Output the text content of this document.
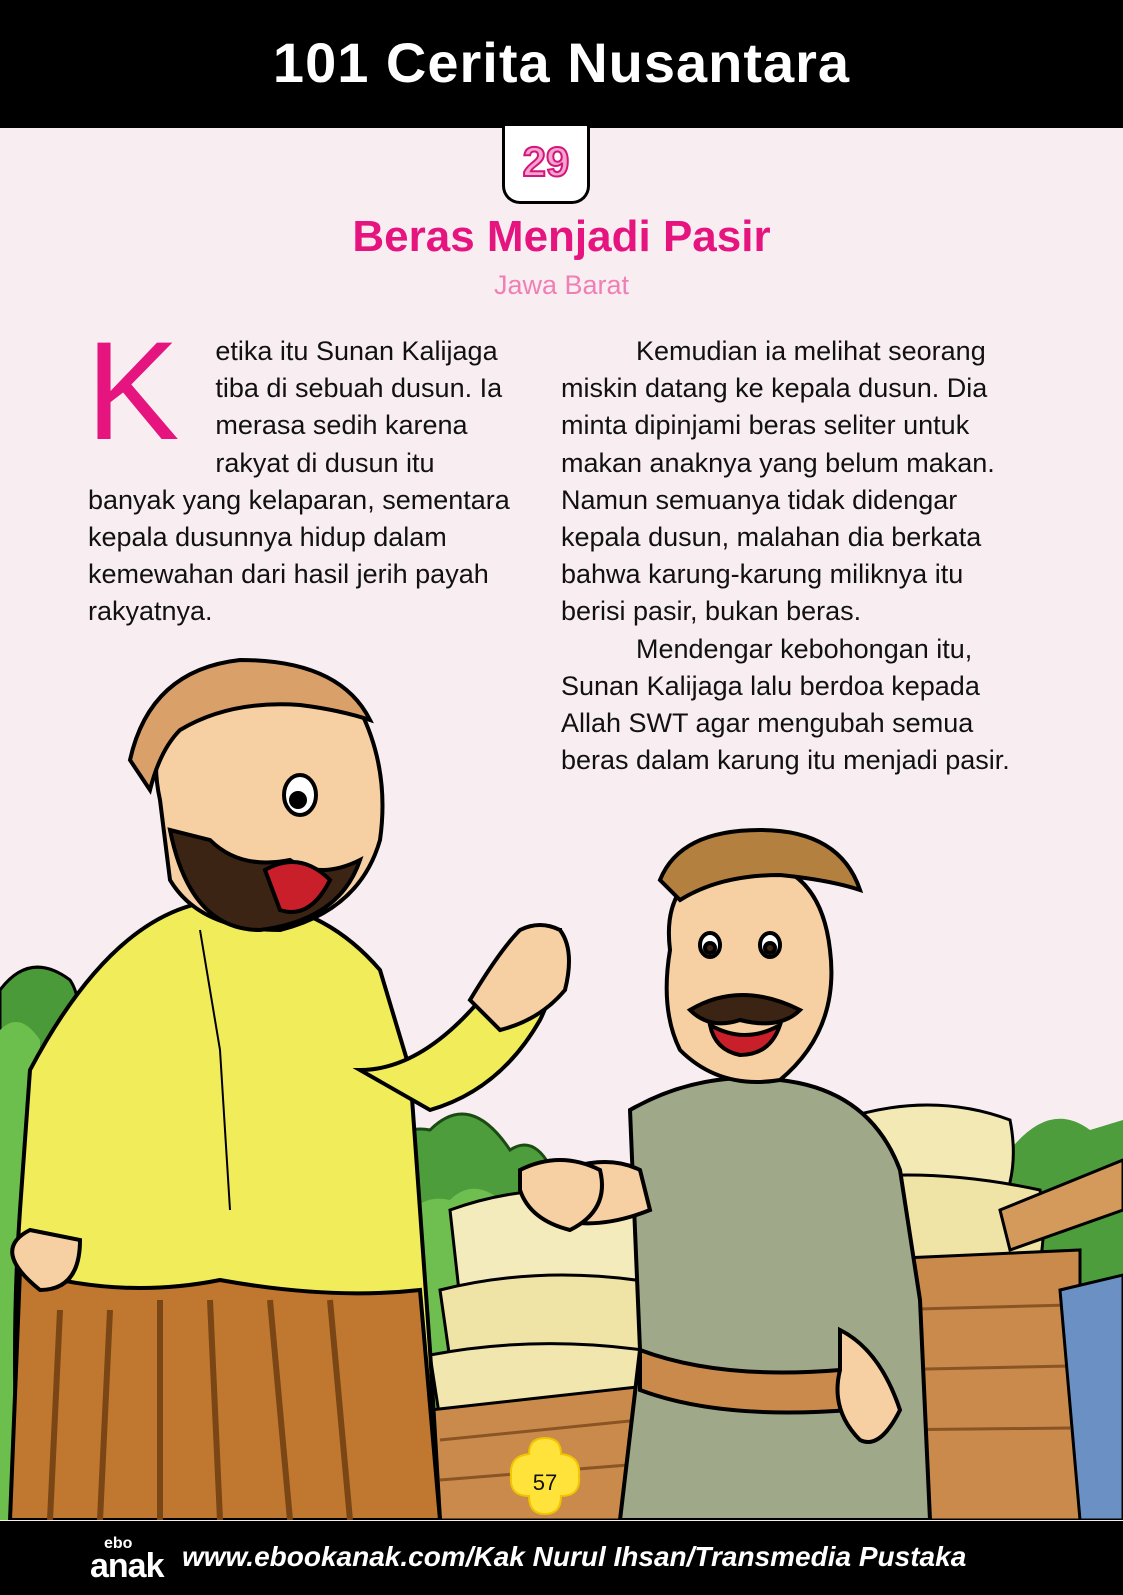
101 Cerita Nusantara
29
Beras Menjadi Pasir
Jawa Barat
K	etika itu Sunan Kalijaga tiba di sebuah dusun. Ia merasa sedih karena rakyat di dusun itu banyak yang kelaparan, sementara kepala dusunnya hidup dalam kemewahan dari hasil jerih payah rakyatnya.

Kemudian ia melihat seorang miskin datang ke kepala dusun. Dia minta dipinjami beras seliter untuk makan anaknya yang belum makan. Namun semuanya tidak didengar kepala dusun, malahan dia berkata bahwa karung-karung miliknya itu berisi pasir, bukan beras.

Mendengar kebohongan itu, Sunan Kalijaga lalu berdoa kepada Allah SWT agar mengubah semua beras dalam karung itu menjadi pasir.

57
ebo
anak www.ebookanak.com/Kak Nurul Ihsan/Transmedia Pustaka
